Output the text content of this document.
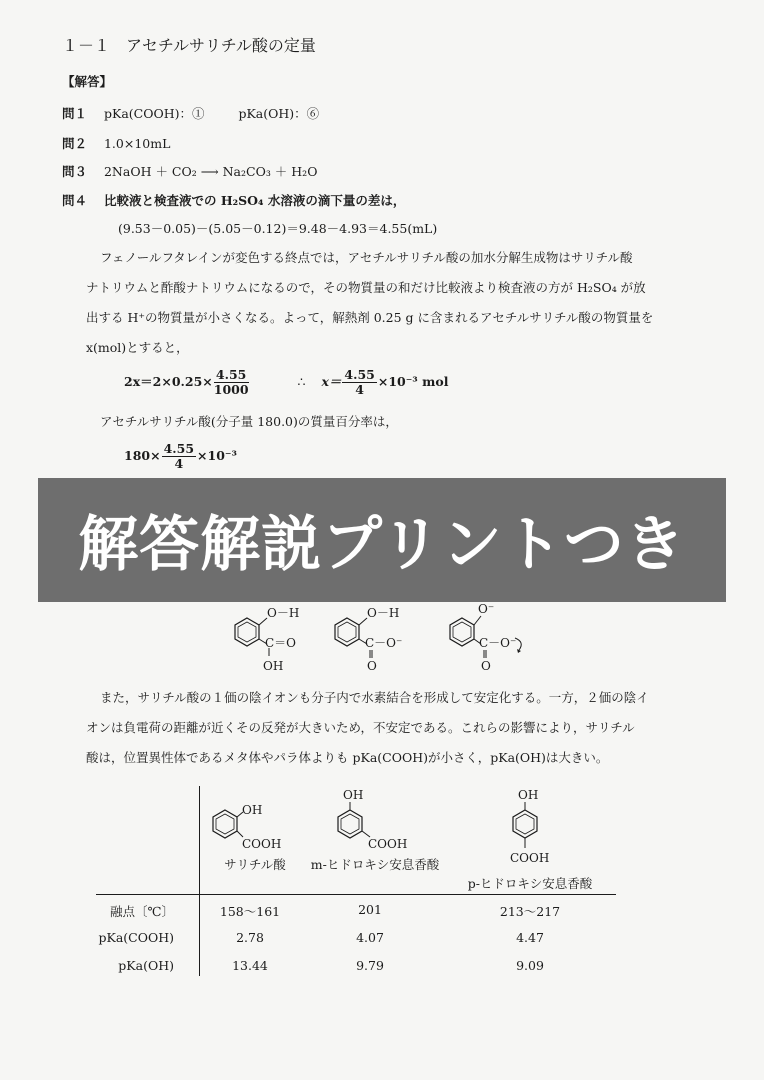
１－１　アセチルサリチル酸の定量
【解答】
問１ pKa(COOH)：①	pKa(OH)：⑥
問２ 1.0×10mL
問３ 2NaOH ＋ CO₂ ⟶ Na₂CO₃ ＋ H₂O
問４ 比較液と検査液での H₂SO₄ 水溶液の滴下量の差は，
(9.53－0.05)－(5.05－0.12)＝9.48－4.93＝4.55(mL)
フェノールフタレインが変色する終点では，アセチルサリチル酸の加水分解生成物はサリチル酸
ナトリウムと酢酸ナトリウムになるので，その物質量の和だけ比較液より検査液の方が H₂SO₄ が放
出する H⁺の物質量が小さくなる。よって，解熱剤 0.25 g に含まれるアセチルサリチル酸の物質量を
x(mol)とすると，
$2x=2\times 0.25\times \frac{4.55}{1000}$	∴ $x= \frac{4.55}{4} \times 10^{-3}$ mol
アセチルサリチル酸(分子量 180.0)の質量百分率は，
$180\times \frac{4.55}{4} \times 10^{-3}$
解答解説プリントつき
O－H
C＝O
OH
O－H
C－O⁻
O
O⁻
C－O⁻
O
また，サリチル酸の１価の陰イオンも分子内で水素結合を形成して安定化する。一方，２価の陰イ
オンは負電荷の距離が近くその反発が大きいため，不安定である。これらの影響により，サリチル
酸は，位置異性体であるメタ体やパラ体よりも pKa(COOH)が小さく，pKa(OH)は大きい。
OH
COOH
OH
COOH
OH
COOH
サリチル酸	m-ヒドロキシ安息香酸
p-ヒドロキシ安息香酸
融点〔℃〕	158～161	201	213～217
pKa(COOH)	2.78	4.07	4.47
pKa(OH)	13.44	9.79	9.09
